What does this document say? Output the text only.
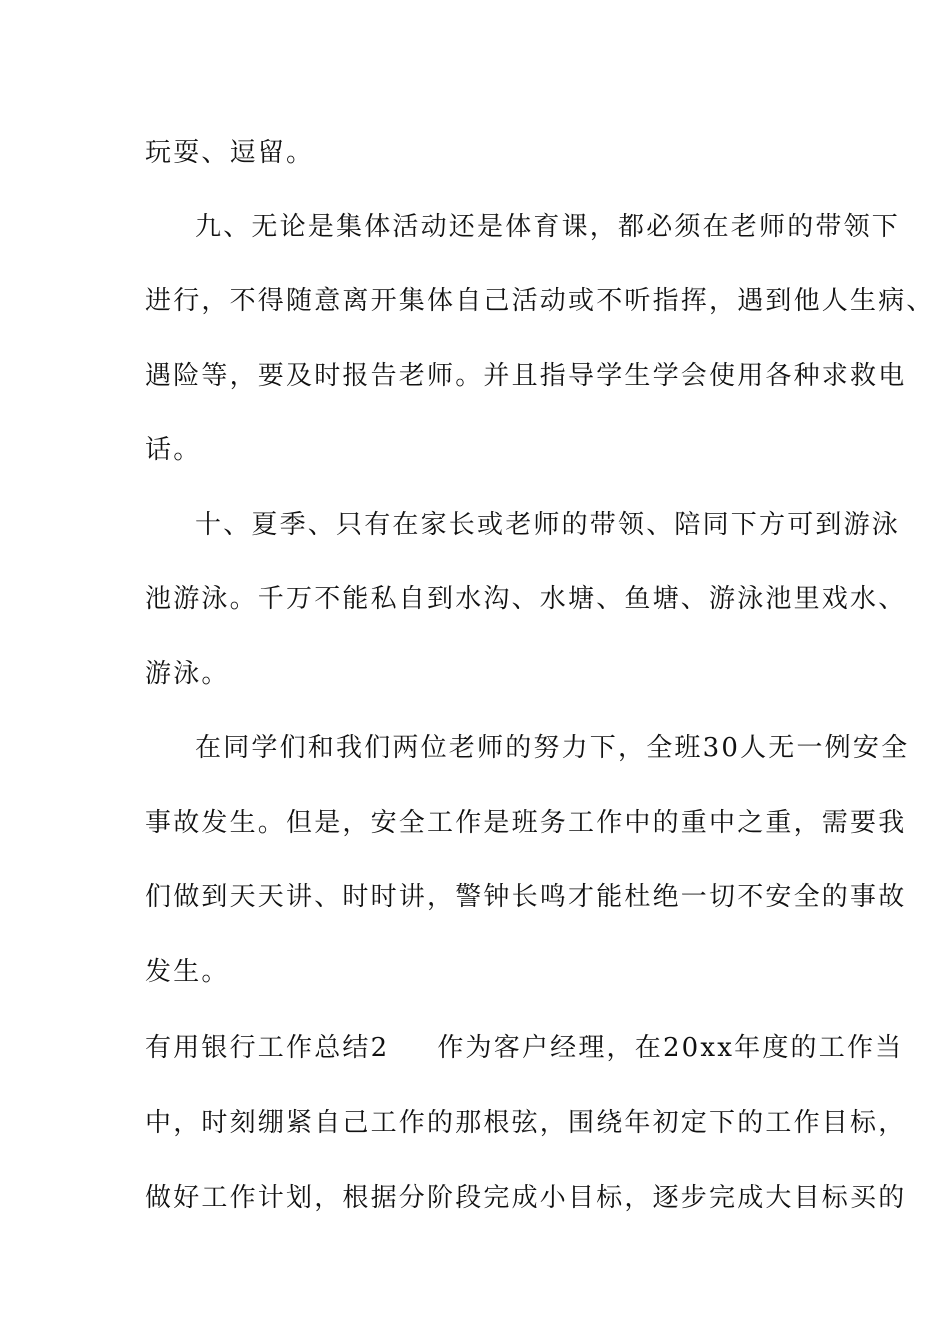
玩耍、逗留。
九、无论是集体活动还是体育课，都必须在老师的带领下
进行，不得随意离开集体自己活动或不听指挥，遇到他人生病、
遇险等，要及时报告老师。并且指导学生学会使用各种求救电
话。
十、夏季、只有在家长或老师的带领、陪同下方可到游泳
池游泳。千万不能私自到水沟、水塘、鱼塘、游泳池里戏水、
游泳。
在同学们和我们两位老师的努力下，全班30人无一例安全
事故发生。但是，安全工作是班务工作中的重中之重，需要我
们做到天天讲、时时讲，警钟长鸣才能杜绝一切不安全的事故
发生。
有用银行工作总结2 作为客户经理，在20xx年度的工作当
中，时刻绷紧自己工作的那根弦，围绕年初定下的工作目标，
做好工作计划，根据分阶段完成小目标，逐步完成大目标买的
